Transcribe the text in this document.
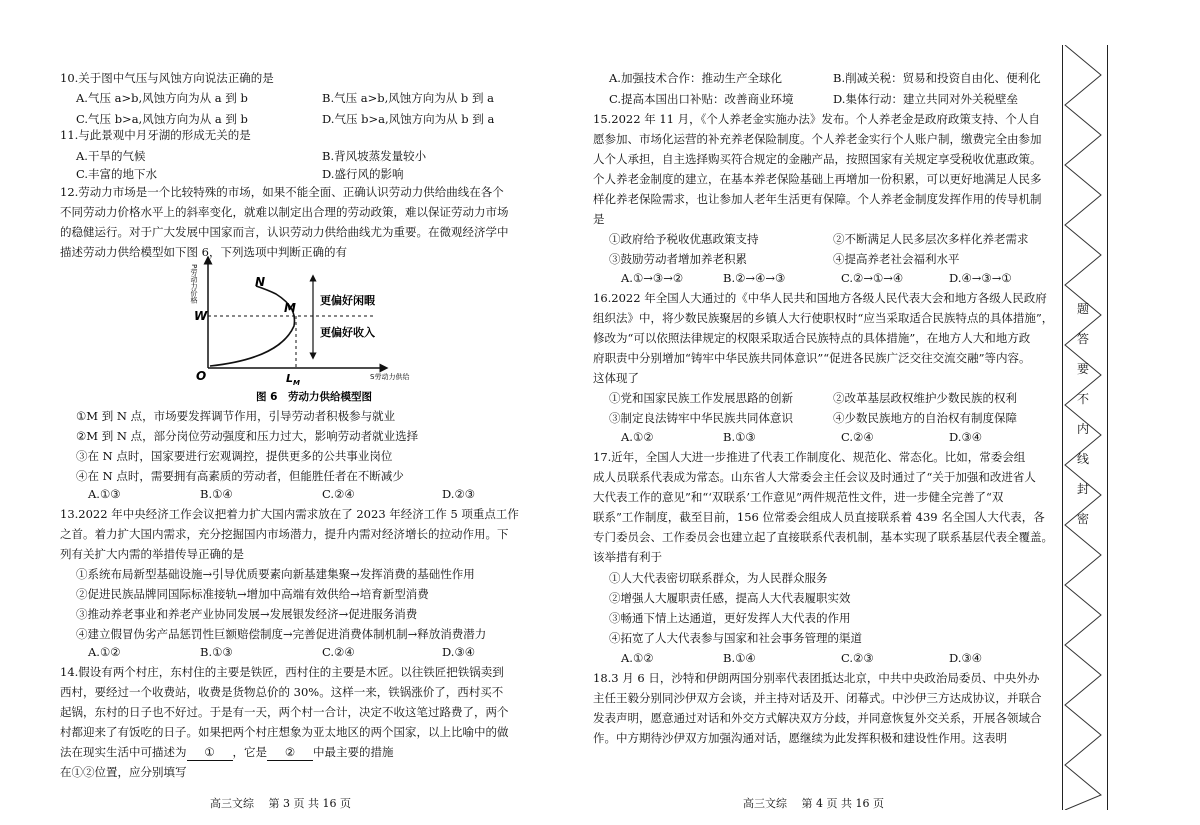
10.关于图中气压与风蚀方向说法正确的是
A.气压 a>b,风蚀方向为从 a 到 b	B.气压 a>b,风蚀方向为从 b 到 a
C.气压 b>a,风蚀方向为从 a 到 b	D.气压 b>a,风蚀方向为从 b 到 a
11.与此景观中月牙湖的形成无关的是
A.干旱的气候	B.背风坡蒸发量较小
C.丰富的地下水	D.盛行风的影响
12.劳动力市场是一个比较特殊的市场，如果不能全面、正确认识劳动力供给曲线在各个
不同劳动力价格水平上的斜率变化，就难以制定出合理的劳动政策，难以保证劳动力市场
的稳健运行。对于广大发展中国家而言，认识劳动力供给曲线尤为重要。在微观经济学中
描述劳动力供给模型如下图 6，下列选项中判断正确的有
P劳动力价格
S劳动力供给
O
W
$L_M$
N
M
更偏好闲暇
更偏好收入
图 6　劳动力供给模型图
①M 到 N 点，市场要发挥调节作用，引导劳动者积极参与就业
②M 到 N 点，部分岗位劳动强度和压力过大，影响劳动者就业选择
③在 N 点时，国家要进行宏观调控，提供更多的公共事业岗位
④在 N 点时，需要拥有高素质的劳动者，但能胜任者在不断减少
A.①③	B.①④	C.②④	D.②③
13.2022 年中央经济工作会议把着力扩大国内需求放在了 2023 年经济工作 5 项重点工作
之首。着力扩大国内需求，充分挖掘国内市场潜力，提升内需对经济增长的拉动作用。下
列有关扩大内需的举措传导正确的是
①系统布局新型基础设施→引导优质要素向新基建集聚→发挥消费的基础性作用
②促进民族品牌同国际标准接轨→增加中高端有效供给→培育新型消费
③推动养老事业和养老产业协同发展→发展银发经济→促进服务消费
④建立假冒伪劣产品惩罚性巨额赔偿制度→完善促进消费体制机制→释放消费潜力
A.①②	B.①③	C.②④	D.③④
14.假设有两个村庄，东村住的主要是铁匠，西村住的主要是木匠。以往铁匠把铁锅卖到
西村，要经过一个收费站，收费是货物总价的 30%。这样一来，铁锅涨价了，西村买不
起锅，东村的日子也不好过。于是有一天，两个村一合计，决定不收这笔过路费了，两个
村都迎来了有饭吃的日子。如果把两个村庄想象为亚太地区的两个国家，以上比喻中的做
法在现实生活中可描述为 ① ，它是 ② 中最主要的措施
在①②位置，应分别填写
高三文综　 第 3 页 共 16 页
A.加强技术合作：推动生产全球化	B.削减关税：贸易和投资自由化、便利化
C.提高本国出口补贴：改善商业环境	D.集体行动：建立共同对外关税壁垒
15.2022 年 11 月，《个人养老金实施办法》发布。个人养老金是政府政策支持、个人自
愿参加、市场化运营的补充养老保险制度。个人养老金实行个人账户制，缴费完全由参加
人个人承担，自主选择购买符合规定的金融产品，按照国家有关规定享受税收优惠政策。
个人养老金制度的建立，在基本养老保险基础上再增加一份积累，可以更好地满足人民多
样化养老保险需求，也让参加人老年生活更有保障。个人养老金制度发挥作用的传导机制
是
①政府给予税收优惠政策支持	②不断满足人民多层次多样化养老需求
③鼓励劳动者增加养老积累	④提高养老社会福利水平
A.①→③→②	B.②→④→③	C.②→①→④	D.④→③→①
16.2022 年全国人大通过的《中华人民共和国地方各级人民代表大会和地方各级人民政府
组织法》中，将少数民族聚居的乡镇人大行使职权时“应当采取适合民族特点的具体措施”，
修改为“可以依照法律规定的权限采取适合民族特点的具体措施”，在地方人大和地方政
府职责中分别增加“铸牢中华民族共同体意识”“促进各民族广泛交往交流交融”等内容。
这体现了
①党和国家民族工作发展思路的创新	②改革基层政权维护少数民族的权利
③制定良法铸牢中华民族共同体意识	④少数民族地方的自治权有制度保障
A.①②	B.①③	C.②④	D.③④
17.近年，全国人大进一步推进了代表工作制度化、规范化、常态化。比如，常委会组
成人员联系代表成为常态。山东省人大常委会主任会议及时通过了“关于加强和改进省人
大代表工作的意见”和“‘双联系’工作意见”两件规范性文件，进一步健全完善了“双
联系”工作制度，截至目前，156 位常委会组成人员直接联系着 439 名全国人大代表，各
专门委员会、工作委员会也建立起了直接联系代表机制，基本实现了联系基层代表全覆盖。
该举措有利于
①人大代表密切联系群众，为人民群众服务
②增强人大履职责任感，提高人大代表履职实效
③畅通下情上达通道，更好发挥人大代表的作用
④拓宽了人大代表参与国家和社会事务管理的渠道
A.①②	B.①④	C.②③	D.③④
18.3 月 6 日，沙特和伊朗两国分别率代表团抵达北京，中共中央政治局委员、中央外办
主任王毅分别同沙伊双方会谈，并主持对话及开、闭幕式。中沙伊三方达成协议，并联合
发表声明，愿意通过对话和外交方式解决双方分歧，并同意恢复外交关系，开展各领域合
作。中方期待沙伊双方加强沟通对话，愿继续为此发挥积极和建设性作用。这表明
高三文综　 第 4 页 共 16 页
题
答
要
不
内
线
封
密
